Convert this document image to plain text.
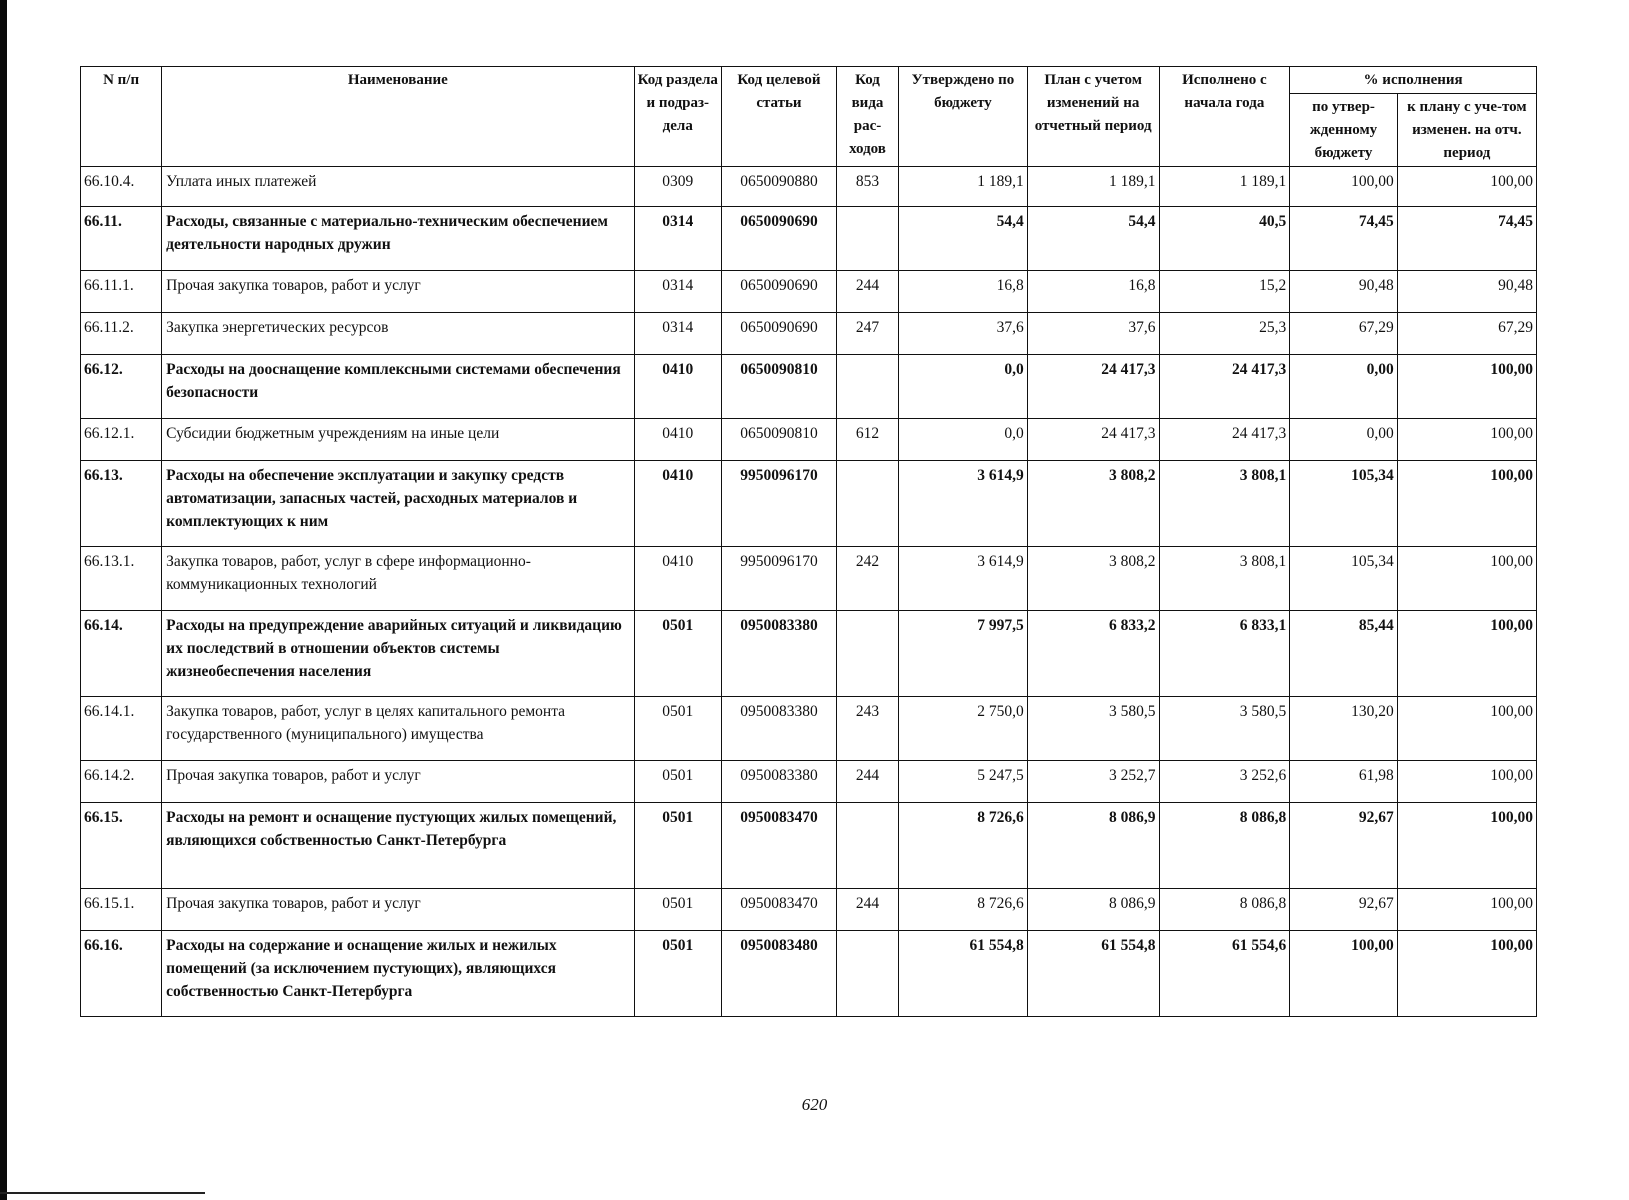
N п/п	Наименование	Код раздела и подраз-дела	Код целевой статьи	Код вида рас-ходов	Утверждено по бюджету	План с учетом изменений на отчетный период	Исполнено с начала года	% исполнения	
								по утвер-жденному бюджету	к плану с уче-том изменен. на отч. период
66.10.4.	Уплата иных платежей	0309	0650090880	853	1 189,1	1 189,1	1 189,1	100,00	100,00
66.11.	Расходы, связанные с материально-техническим обеспечением деятельности народных дружин	0314	0650090690		54,4	54,4	40,5	74,45	74,45
66.11.1.	Прочая закупка товаров, работ и услуг	0314	0650090690	244	16,8	16,8	15,2	90,48	90,48
66.11.2.	Закупка энергетических ресурсов	0314	0650090690	247	37,6	37,6	25,3	67,29	67,29
66.12.	Расходы на дооснащение комплексными системами обеспечения безопасности	0410	0650090810		0,0	24 417,3	24 417,3	0,00	100,00
66.12.1.	Субсидии бюджетным учреждениям на иные цели	0410	0650090810	612	0,0	24 417,3	24 417,3	0,00	100,00
66.13.	Расходы на обеспечение эксплуатации и закупку средств автоматизации, запасных частей, расходных материалов и комплектующих к ним	0410	9950096170		3 614,9	3 808,2	3 808,1	105,34	100,00
66.13.1.	Закупка товаров, работ, услуг в сфере информационно-коммуникационных технологий	0410	9950096170	242	3 614,9	3 808,2	3 808,1	105,34	100,00
66.14.	Расходы на предупреждение аварийных ситуаций и ликвидацию их последствий в отношении объектов системы жизнеобеспечения населения	0501	0950083380		7 997,5	6 833,2	6 833,1	85,44	100,00
66.14.1.	Закупка товаров, работ, услуг в целях капитального ремонта государственного (муниципального) имущества	0501	0950083380	243	2 750,0	3 580,5	3 580,5	130,20	100,00
66.14.2.	Прочая закупка товаров, работ и услуг	0501	0950083380	244	5 247,5	3 252,7	3 252,6	61,98	100,00
66.15.	Расходы на ремонт и оснащение пустующих жилых помещений, являющихся собственностью Санкт-Петербурга	0501	0950083470		8 726,6	8 086,9	8 086,8	92,67	100,00
66.15.1.	Прочая закупка товаров, работ и услуг	0501	0950083470	244	8 726,6	8 086,9	8 086,8	92,67	100,00
66.16.	Расходы на содержание и оснащение жилых и нежилых помещений (за исключением пустующих), являющихся собственностью Санкт-Петербурга	0501	0950083480		61 554,8	61 554,8	61 554,6	100,00	100,00
620
